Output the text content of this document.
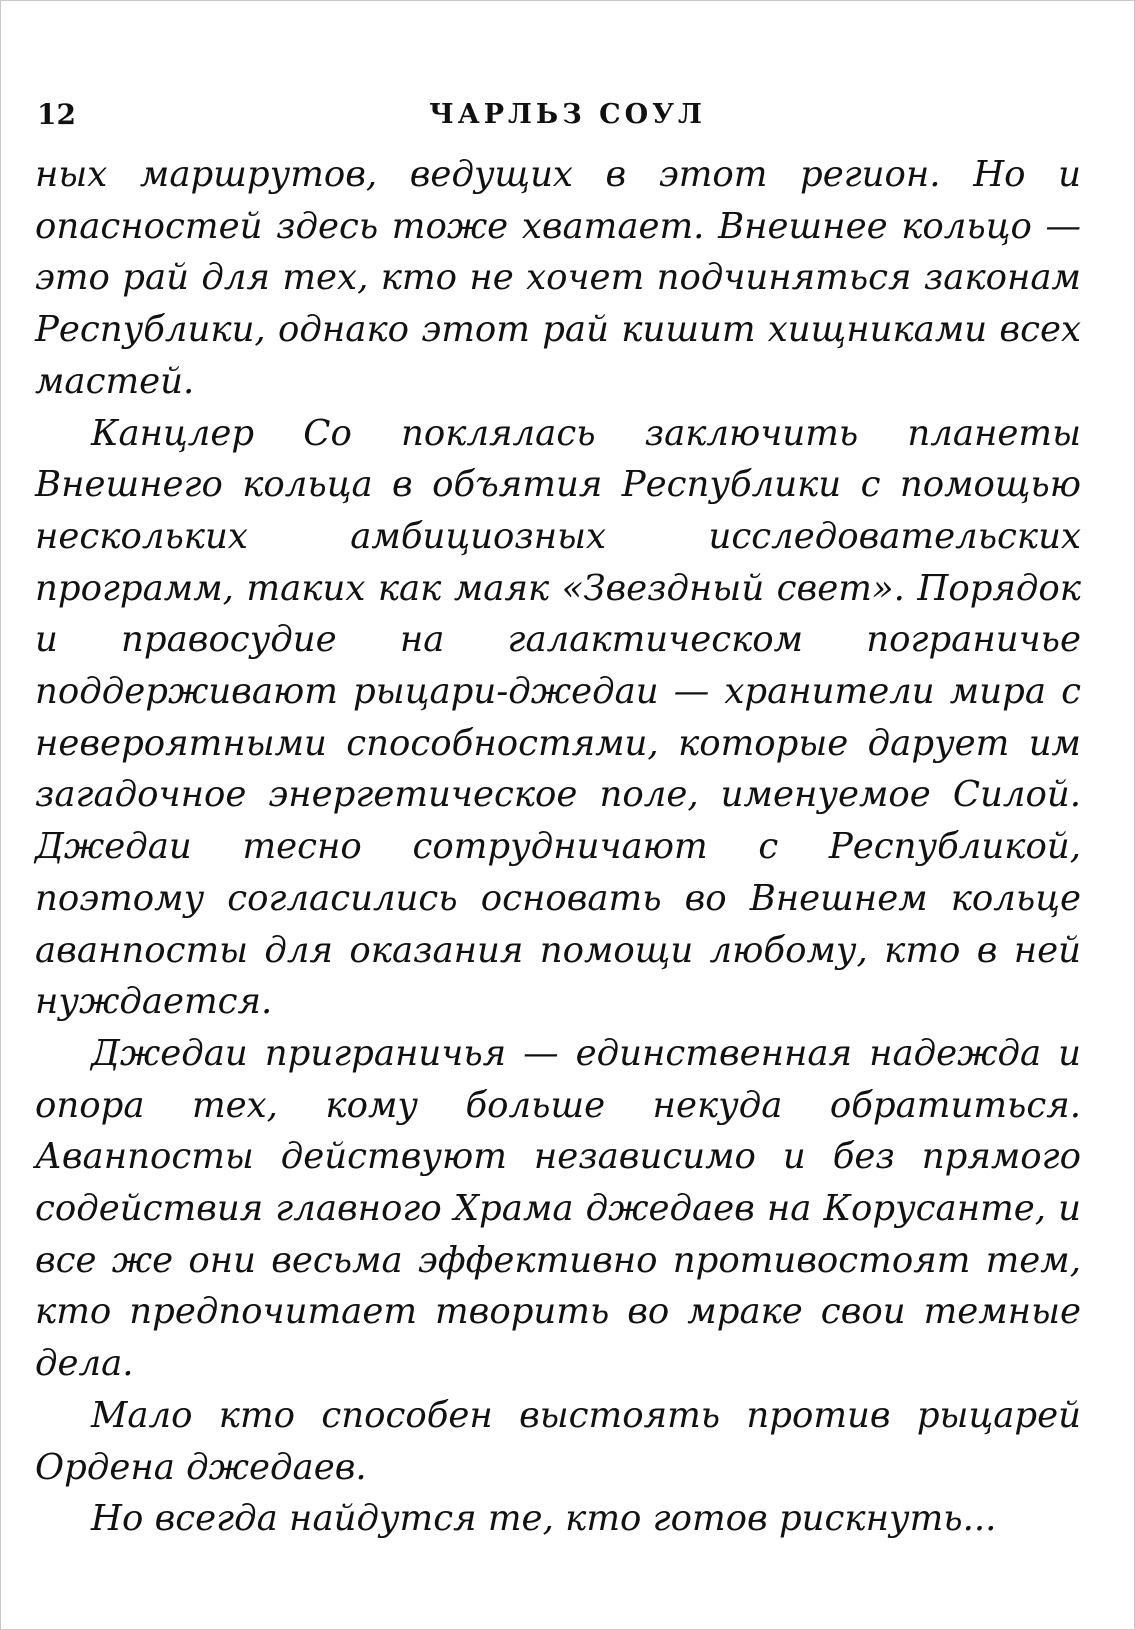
12	ЧАРЛЬЗ СОУЛ

ных маршрутов, ведущих в этот регион. Но и опасностей здесь тоже хватает. Внешнее кольцо — это рай для тех, кто не хочет подчиняться законам Республики, однако этот рай кишит хищниками всех мастей.

Канцлер Со поклялась заключить планеты Внешнего кольца в объятия Республики с помощью нескольких амбициозных исследовательских программ, таких как маяк «Звездный свет». Порядок и правосудие на галактическом пограничье поддерживают рыцари-джедаи — хранители мира с невероятными способностями, которые дарует им загадочное энергетическое поле, именуемое Силой. Джедаи тесно сотрудничают с Республикой, поэтому согласились основать во Внешнем кольце аванпосты для оказания помощи любому, кто в ней нуждается.

Джедаи приграничья — единственная надежда и опора тех, кому больше некуда обратиться. Аванпосты действуют независимо и без прямого содействия главного Храма джедаев на Корусанте, и все же они весьма эффективно противостоят тем, кто предпочитает творить во мраке свои темные дела.

Мало кто способен выстоять против рыцарей Ордена джедаев.

Но всегда найдутся те, кто готов рискнуть...
